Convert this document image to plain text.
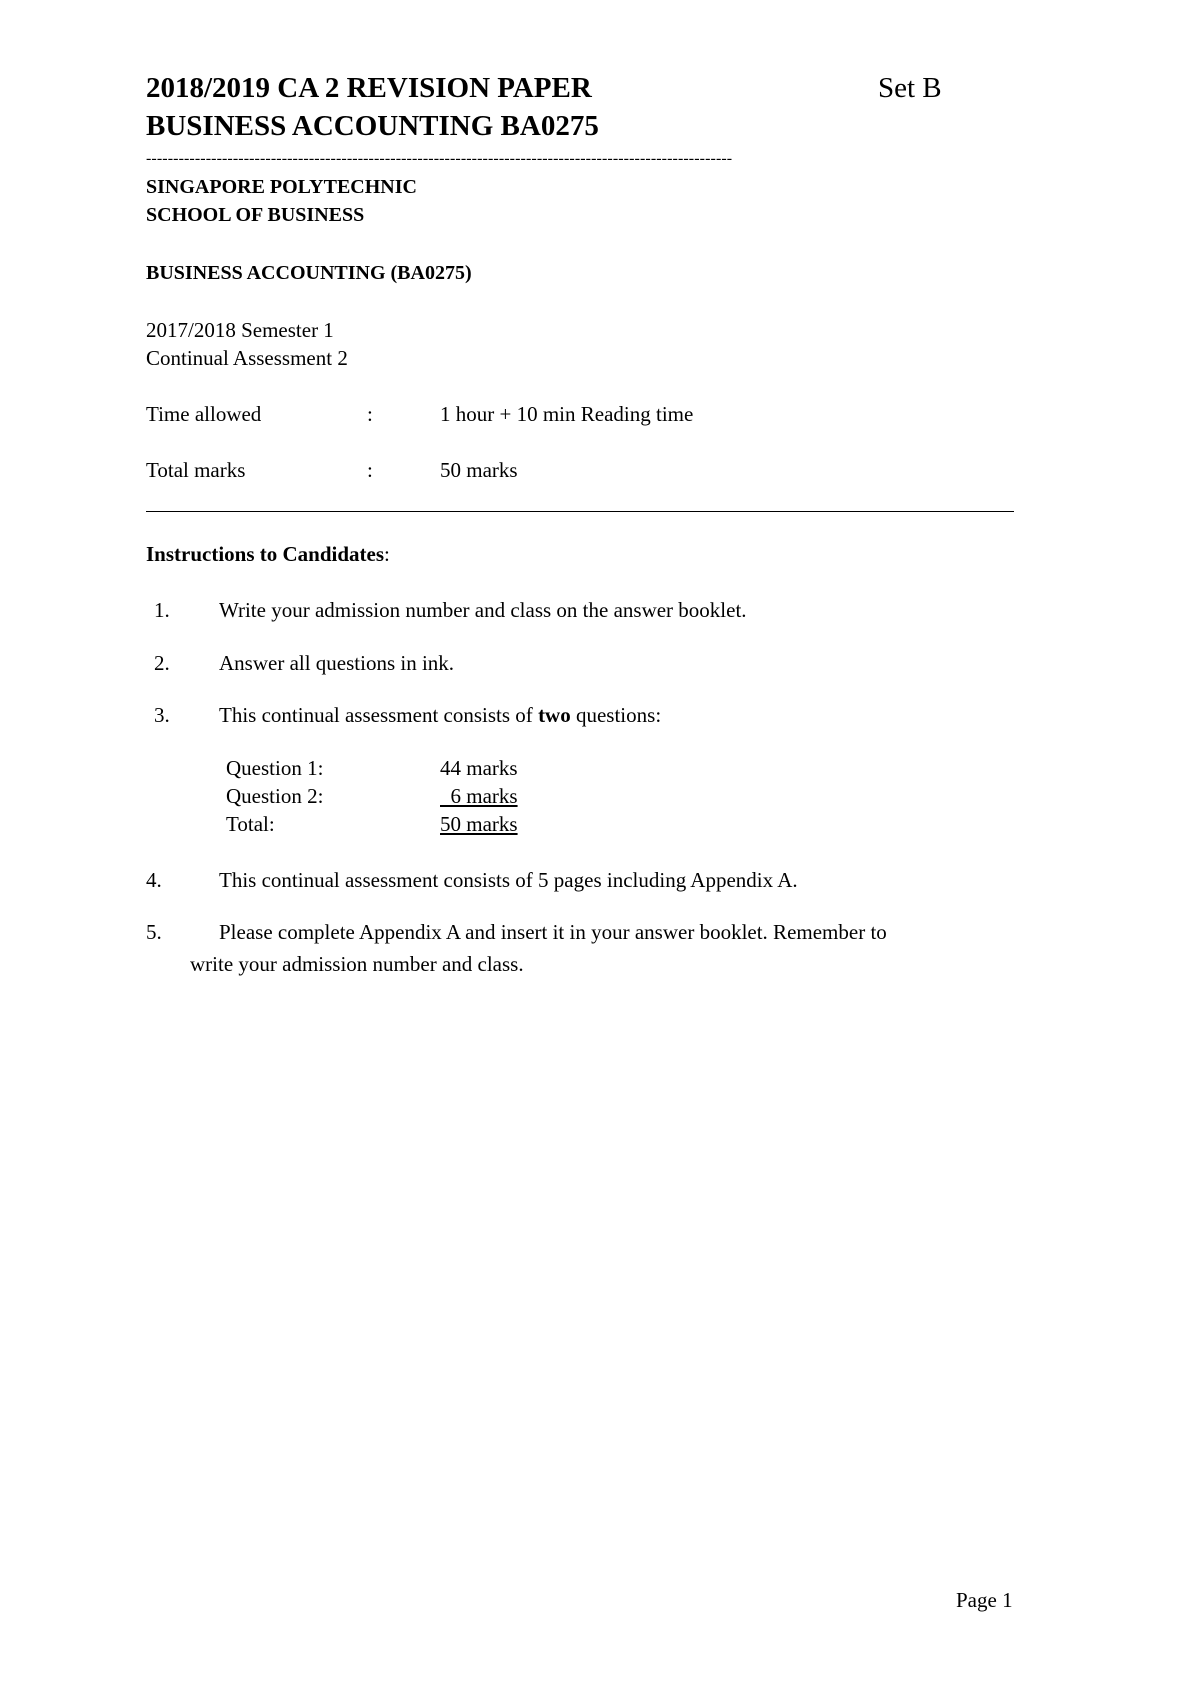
2018/2019 CA 2 REVISION PAPER	Set B
BUSINESS ACCOUNTING BA0275
------------------------------------------------------------------------------------------------------------
SINGAPORE POLYTECHNIC
SCHOOL OF BUSINESS
BUSINESS ACCOUNTING (BA0275)
2017/2018 Semester 1
Continual Assessment 2
Time allowed	:	1 hour + 10 min Reading time
Total marks	:	50 marks
Instructions to Candidates:
1. Write your admission number and class on the answer booklet.
2. Answer all questions in ink.
3. This continual assessment consists of two questions:
Question 1:	44 marks
Question 2:	6 marks
Total:	50 marks
4.	This continual assessment consists of 5 pages including Appendix A.
5.	Please complete Appendix A and insert it in your answer booklet. Remember to
write your admission number and class.
Page 1
